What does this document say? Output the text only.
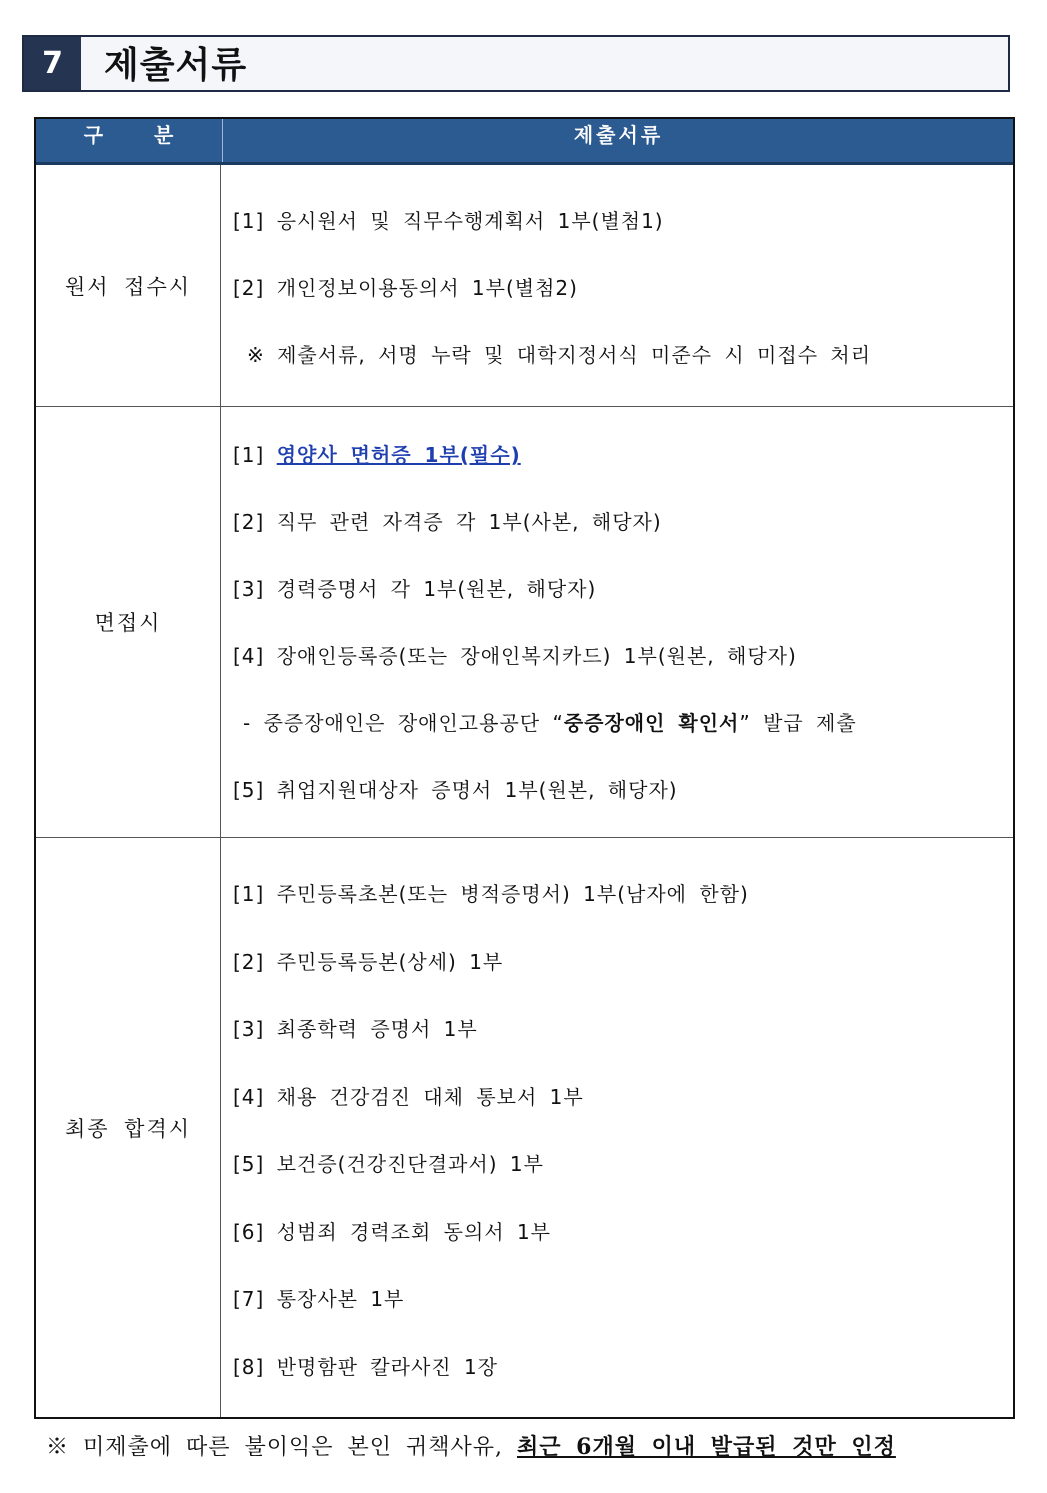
7	제출서류
구 분	제출서류
원서 접수시
[1] 응시원서 및 직무수행계획서 1부(별첨1)
[2] 개인정보이용동의서 1부(별첨2)
※ 제출서류, 서명 누락 및 대학지정서식 미준수 시 미접수 처리
면접시
[1] 영양사 면허증 1부(필수)
[2] 직무 관련 자격증 각 1부(사본, 해당자)
[3] 경력증명서 각 1부(원본, 해당자)
[4] 장애인등록증(또는 장애인복지카드) 1부(원본, 해당자)
- 중증장애인은 장애인고용공단 “중증장애인 확인서” 발급 제출
[5] 취업지원대상자 증명서 1부(원본, 해당자)
최종 합격시
[1] 주민등록초본(또는 병적증명서) 1부(남자에 한함)
[2] 주민등록등본(상세) 1부
[3] 최종학력 증명서 1부
[4] 채용 건강검진 대체 통보서 1부
[5] 보건증(건강진단결과서) 1부
[6] 성범죄 경력조회 동의서 1부
[7] 통장사본 1부
[8] 반명함판 칼라사진 1장
※ 미제출에 따른 불이익은 본인 귀책사유, 최근 6개월 이내 발급된 것만 인정
